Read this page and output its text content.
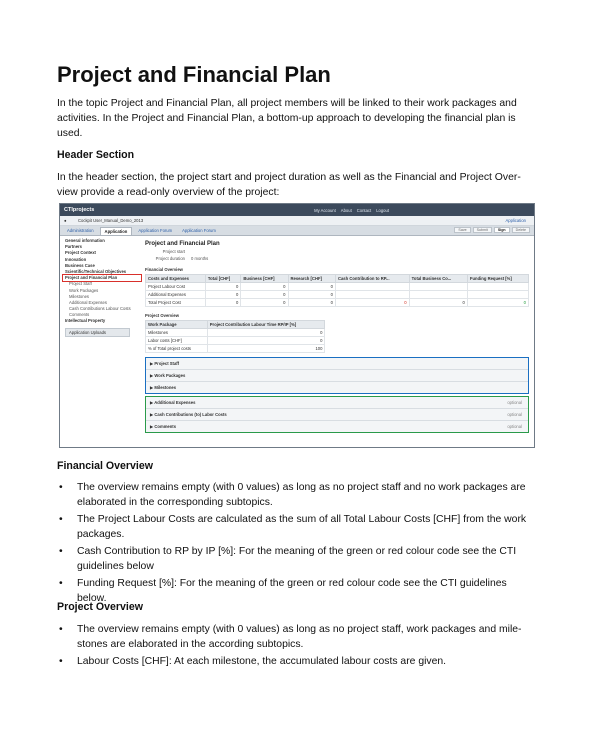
Project and Financial Plan

In the topic Project and Financial Plan, all project members will be linked to their work packages and activities. In the Project and Financial Plan, a bottom-up approach to developing the financial plan is used.

Header Section

In the header section, the project start and project duration as well as the Financial and Project Over-view provide a read-only overview of the project:

CTIprojects	My Account About Contact Logout
●	Cockpit User_Manual_Demo_2013	Application
Administration	Application	Application Forum	Application Forum	Save	Submit	Sign	Delete
General information
Partners
Project Context
Innovation
Business Case
Scientific/Technical Objectives
Project and Financial Plan
Project Staff
Work Packages
Milestones
Additional Expenses
Cash Contributions Labour Costs
Comments
Intellectual Property
Application Uploads
Project and Financial Plan
Project start
Project duration 0 months
Financial Overview
Costs and Expenses	Total [CHF]	Business [CHF]	Research [CHF]	Cash Contribution to RP...	Total Business Co...	Funding Request [%]
Project Labour Cost	0	0	0			
Additional Expenses	0	0	0			
Total Project Cost	0	0	0	0	0	0
Project Overview
Work Package	Project Contribution Labour Time RP/IP [%]
Milestones	0
Labor costs [CHF]	0
% of Total project costs	100
▶ Project Staff
▶ Work Packages
▶ Milestones
▶ Additional Expenses	optional
▶ Cash Contributions (to) Labor Costs	optional
▶ Comments	optional
Financial Overview
• The overview remains empty (with 0 values) as long as no project staff and no work packages are elaborated in the corresponding subtopics.
• The Project Labour Costs are calculated as the sum of all Total Labour Costs [CHF] from the work packages.
• Cash Contribution to RP by IP [%]: For the meaning of the green or red colour code see the CTI guidelines below
• Funding Request [%]: For the meaning of the green or red colour code see the CTI guidelines below.
Project Overview
• The overview remains empty (with 0 values) as long as no project staff, work packages and mile-stones are elaborated in the according subtopics.
• Labour Costs [CHF]: At each milestone, the accumulated labour costs are given.
